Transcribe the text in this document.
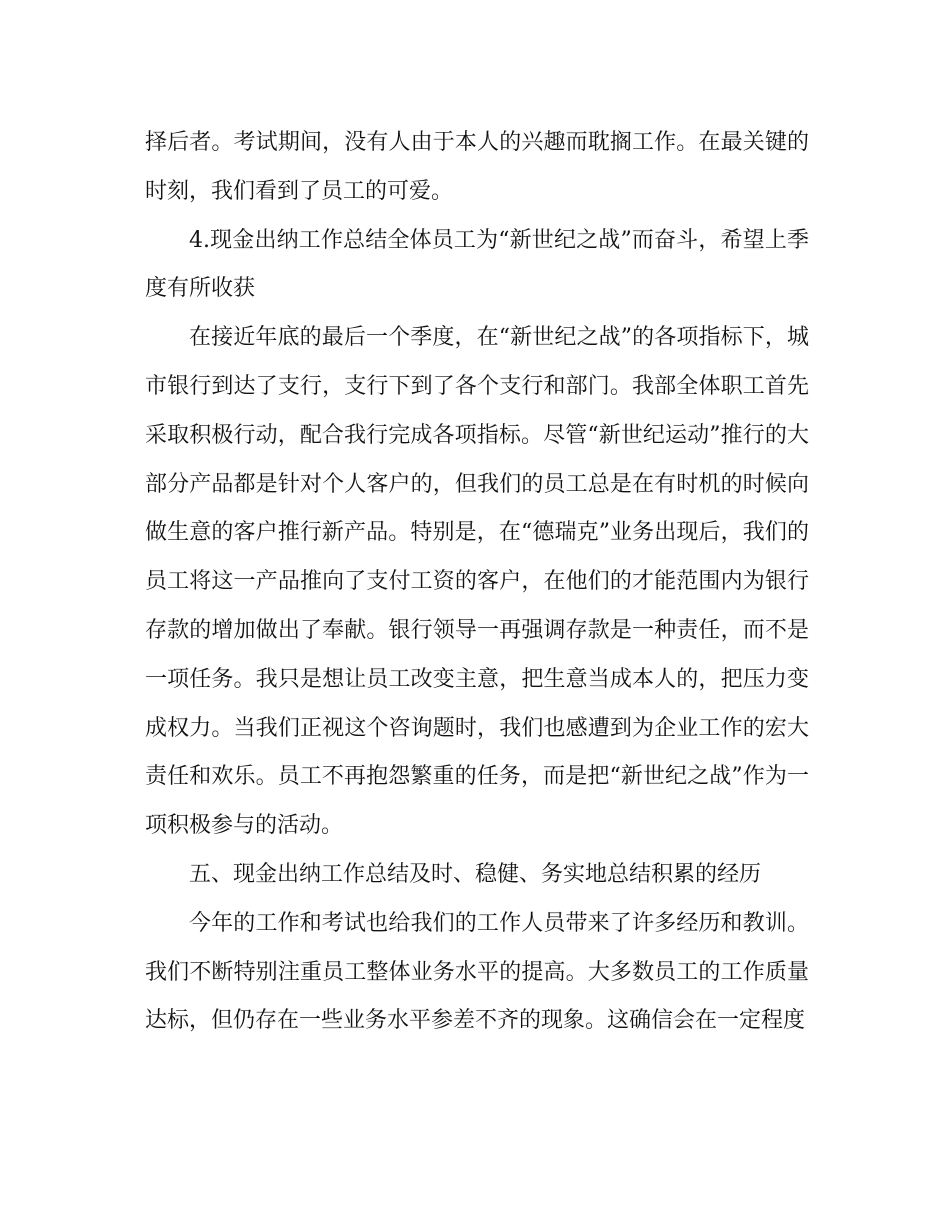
择后者。考试期间，没有人由于本人的兴趣而耽搁工作。在最关键的时刻，我们看到了员工的可爱。

4.现金出纳工作总结全体员工为“新世纪之战”而奋斗，希望上季度有所收获

在接近年底的最后一个季度，在“新世纪之战”的各项指标下，城市银行到达了支行，支行下到了各个支行和部门。我部全体职工首先采取积极行动，配合我行完成各项指标。尽管“新世纪运动”推行的大部分产品都是针对个人客户的，但我们的员工总是在有时机的时候向做生意的客户推行新产品。特别是，在“德瑞克”业务出现后，我们的员工将这一产品推向了支付工资的客户，在他们的才能范围内为银行存款的增加做出了奉献。银行领导一再强调存款是一种责任，而不是一项任务。我只是想让员工改变主意，把生意当成本人的，把压力变成权力。当我们正视这个咨询题时，我们也感遭到为企业工作的宏大责任和欢乐。员工不再抱怨繁重的任务，而是把“新世纪之战”作为一项积极参与的活动。

五、现金出纳工作总结及时、稳健、务实地总结积累的经历

今年的工作和考试也给我们的工作人员带来了许多经历和教训。我们不断特别注重员工整体业务水平的提高。大多数员工的工作质量达标，但仍存在一些业务水平参差不齐的现象。这确信会在一定程度
